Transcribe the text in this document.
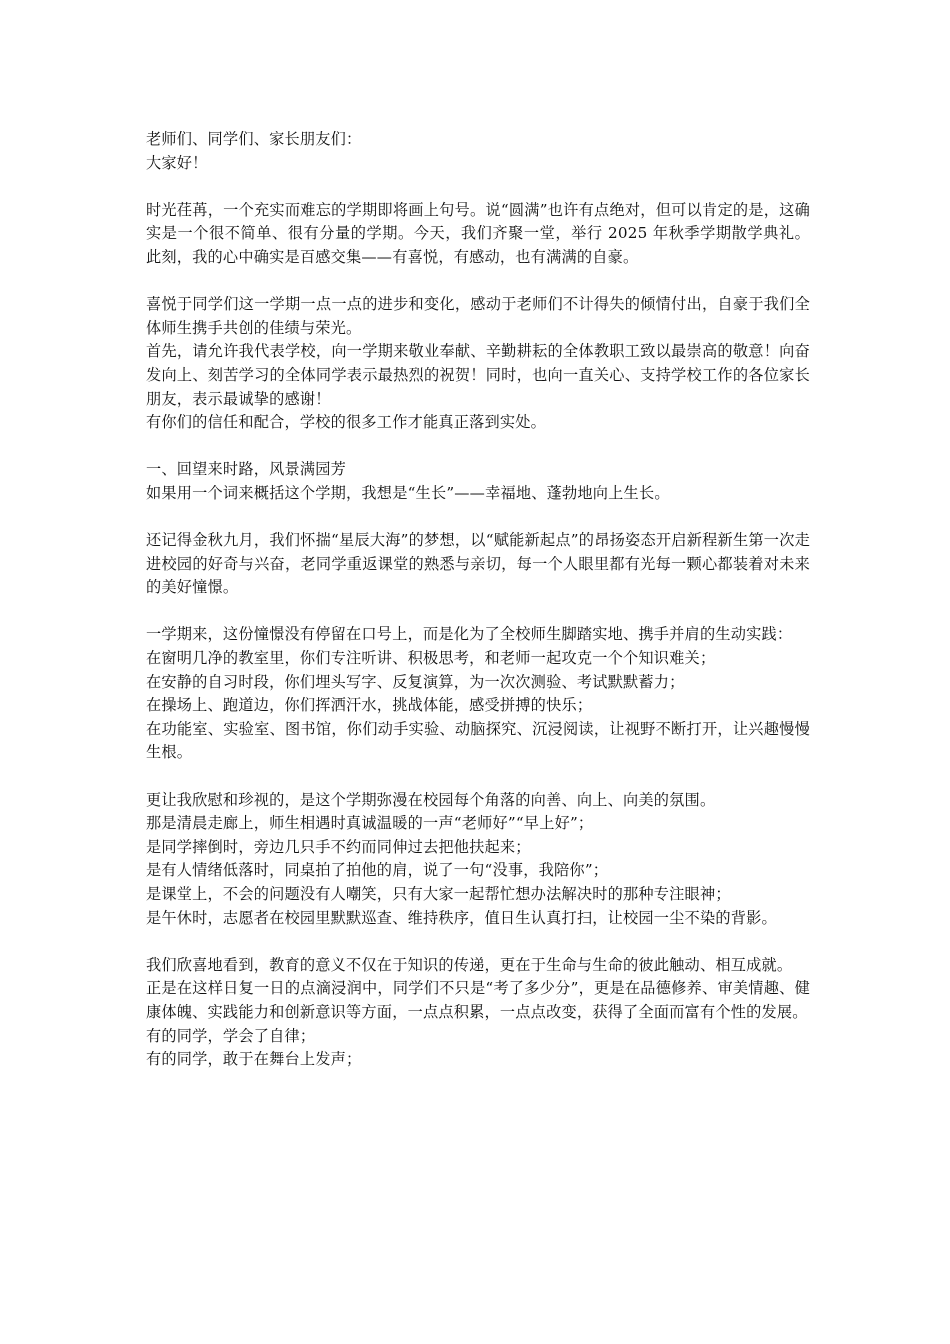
老师们、同学们、家长朋友们：
大家好！
时光荏苒，一个充实而难忘的学期即将画上句号。说“圆满”也许有点绝对，但可以肯定的是，这确实是一个很不简单、很有分量的学期。今天，我们齐聚一堂，举行 2025 年秋季学期散学典礼。此刻，我的心中确实是百感交集——有喜悦，有感动，也有满满的自豪。
喜悦于同学们这一学期一点一点的进步和变化，感动于老师们不计得失的倾情付出，自豪于我们全体师生携手共创的佳绩与荣光。
首先，请允许我代表学校，向一学期来敬业奉献、辛勤耕耘的全体教职工致以最崇高的敬意！向奋发向上、刻苦学习的全体同学表示最热烈的祝贺！同时，也向一直关心、支持学校工作的各位家长朋友，表示最诚挚的感谢！
有你们的信任和配合，学校的很多工作才能真正落到实处。
一、回望来时路，风景满园芳
如果用一个词来概括这个学期，我想是“生长”——幸福地、蓬勃地向上生长。
还记得金秋九月，我们怀揣“星辰大海”的梦想，以“赋能新起点”的昂扬姿态开启新程新生第一次走进校园的好奇与兴奋，老同学重返课堂的熟悉与亲切，每一个人眼里都有光每一颗心都装着对未来的美好憧憬。
一学期来，这份憧憬没有停留在口号上，而是化为了全校师生脚踏实地、携手并肩的生动实践：
在窗明几净的教室里，你们专注听讲、积极思考，和老师一起攻克一个个知识难关；
在安静的自习时段，你们埋头写字、反复演算，为一次次测验、考试默默蓄力；
在操场上、跑道边，你们挥洒汗水，挑战体能，感受拼搏的快乐；
在功能室、实验室、图书馆，你们动手实验、动脑探究、沉浸阅读，让视野不断打开，让兴趣慢慢生根。
更让我欣慰和珍视的，是这个学期弥漫在校园每个角落的向善、向上、向美的氛围。
那是清晨走廊上，师生相遇时真诚温暖的一声“老师好”“早上好”；
是同学摔倒时，旁边几只手不约而同伸过去把他扶起来；
是有人情绪低落时，同桌拍了拍他的肩，说了一句“没事，我陪你”；
是课堂上，不会的问题没有人嘲笑，只有大家一起帮忙想办法解决时的那种专注眼神；
是午休时，志愿者在校园里默默巡查、维持秩序，值日生认真打扫，让校园一尘不染的背影。
我们欣喜地看到，教育的意义不仅在于知识的传递，更在于生命与生命的彼此触动、相互成就。
正是在这样日复一日的点滴浸润中，同学们不只是“考了多少分”，更是在品德修养、审美情趣、健康体魄、实践能力和创新意识等方面，一点点积累，一点点改变，获得了全面而富有个性的发展。
有的同学，学会了自律；
有的同学，敢于在舞台上发声；
